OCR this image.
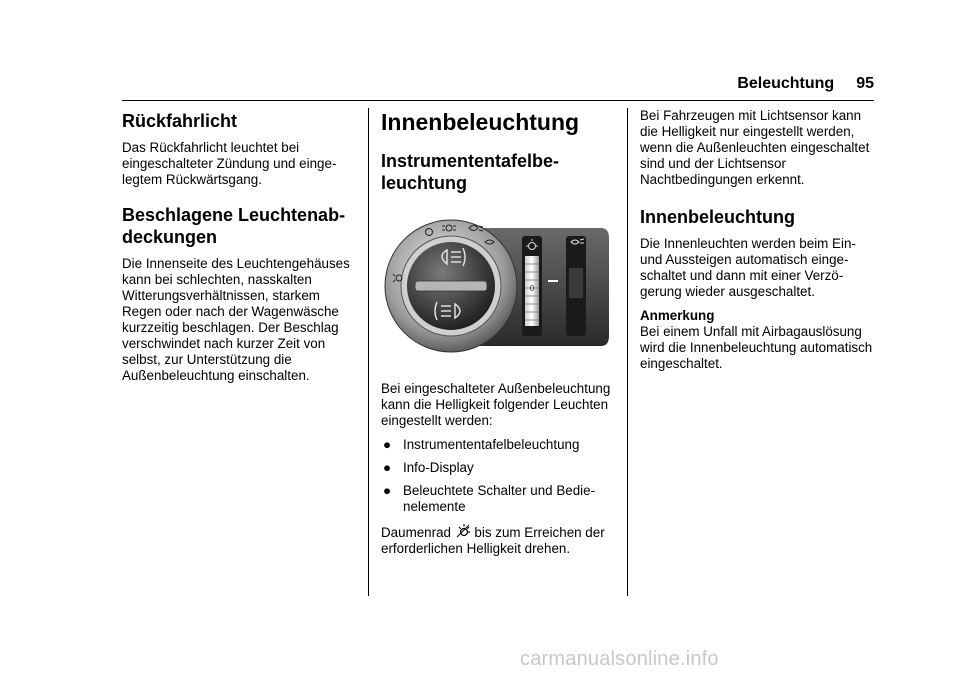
Beleuchtung 95
Rückfahrlicht

Das Rückfahrlicht leuchtet bei eingeschalteter Zündung und eingelegtem Rückwärtsgang.

Beschlagene Leuchtenabdeckungen

Die Innenseite des Leuchtengehäuses kann bei schlechten, nasskalten Witterungsverhältnissen, starkem Regen oder nach der Wagenwäsche kurzzeitig beschlagen. Der Beschlag verschwindet nach kurzer Zeit von selbst, zur Unterstützung die Außenbeleuchtung einschalten.

Innenbeleuchtung
Instrumententafelbeleuchtung
0

Bei eingeschalteter Außenbeleuchtung kann die Helligkeit folgender Leuchten eingestellt werden:

● Instrumententafelbeleuchtung
● Info-Display
● Beleuchtete Schalter und Bedienelemente

Daumenrad  bis zum Erreichen der erforderlichen Helligkeit drehen.

Bei Fahrzeugen mit Lichtsensor kann die Helligkeit nur eingestellt werden, wenn die Außenleuchten eingeschaltet sind und der Lichtsensor Nachtbedingungen erkennt.

Innenbeleuchtung

Die Innenleuchten werden beim Ein- und Aussteigen automatisch eingeschaltet und dann mit einer Verzögerung wieder ausgeschaltet.

Anmerkung

Bei einem Unfall mit Airbagauslösung wird die Innenbeleuchtung automatisch eingeschaltet.

carmanualsonline.info
